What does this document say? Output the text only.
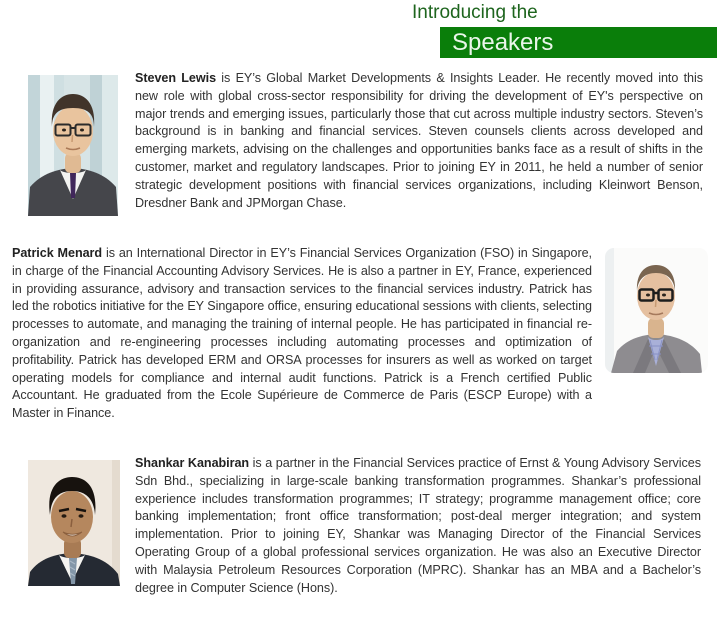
Introducing the
Speakers

Steven Lewis is EY’s Global Market Developments & Insights Leader. He recently moved into this new role with global cross-sector responsibility for driving the development of EY's perspective on major trends and emerging issues, particularly those that cut across multiple industry sectors. Steven’s background is in banking and financial services. Steven counsels clients across developed and emerging markets, advising on the challenges and opportunities banks face as a result of shifts in the customer, market and regulatory landscapes. Prior to joining EY in 2011, he held a number of senior strategic development positions with financial services organizations, including Kleinwort Benson, Dresdner Bank and JPMorgan Chase.

Patrick Menard is an International Director in EY’s Financial Services Organization (FSO) in Singapore, in charge of the Financial Accounting Advisory Services. He is also a partner in EY, France, experienced in providing assurance, advisory and transaction services to the financial services industry. Patrick has led the robotics initiative for the EY Singapore office, ensuring educational sessions with clients, selecting processes to automate, and managing the training of internal people. He has participated in financial re-organization and re-engineering processes including automating processes and optimization of profitability. Patrick has developed ERM and ORSA processes for insurers as well as worked on target operating models for compliance and internal audit functions. Patrick is a French certified Public Accountant. He graduated from the Ecole Supérieure de Commerce de Paris (ESCP Europe) with a Master in Finance.

Shankar Kanabiran is a partner in the Financial Services practice of Ernst & Young Advisory Services Sdn Bhd., specializing in large-scale banking transformation programmes. Shankar’s professional experience includes transformation programmes; IT strategy; programme management office; core banking implementation; front office transformation; post-deal merger integration; and system implementation. Prior to joining EY, Shankar was Managing Director of the Financial Services Operating Group of a global professional services organization. He was also an Executive Director with Malaysia Petroleum Resources Corporation (MPRC). Shankar has an MBA and a Bachelor’s degree in Computer Science (Hons).
